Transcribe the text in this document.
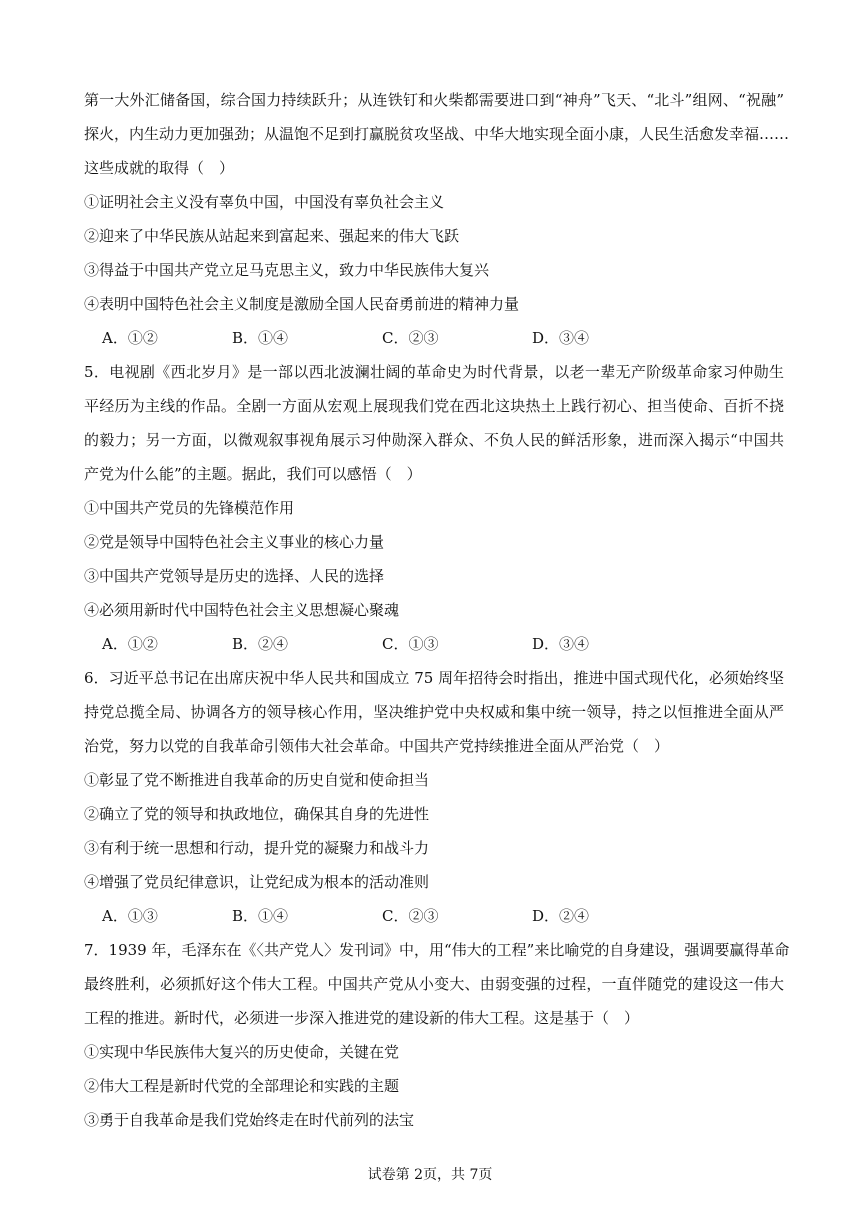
第一大外汇储备国，综合国力持续跃升；从连铁钉和火柴都需要进口到“神舟”飞天、“北斗”组网、“祝融”
探火，内生动力更加强劲；从温饱不足到打赢脱贫攻坚战、中华大地实现全面小康，人民生活愈发幸福……
这些成就的取得（　）
①证明社会主义没有辜负中国，中国没有辜负社会主义
②迎来了中华民族从站起来到富起来、强起来的伟大飞跃
③得益于中国共产党立足马克思主义，致力中华民族伟大复兴
④表明中国特色社会主义制度是激励全国人民奋勇前进的精神力量
A．①②	B．①④	C．②③	D．③④
5．电视剧《西北岁月》是一部以西北波澜壮阔的革命史为时代背景，以老一辈无产阶级革命家习仲勋生
平经历为主线的作品。全剧一方面从宏观上展现我们党在西北这块热土上践行初心、担当使命、百折不挠
的毅力；另一方面，以微观叙事视角展示习仲勋深入群众、不负人民的鲜活形象，进而深入揭示“中国共
产党为什么能”的主题。据此，我们可以感悟（　）
①中国共产党员的先锋模范作用
②党是领导中国特色社会主义事业的核心力量
③中国共产党领导是历史的选择、人民的选择
④必须用新时代中国特色社会主义思想凝心聚魂
A．①②	B．②④	C．①③	D．③④
6．习近平总书记在出席庆祝中华人民共和国成立 75 周年招待会时指出，推进中国式现代化，必须始终坚
持党总揽全局、协调各方的领导核心作用，坚决维护党中央权威和集中统一领导，持之以恒推进全面从严
治党，努力以党的自我革命引领伟大社会革命。中国共产党持续推进全面从严治党（　）
①彰显了党不断推进自我革命的历史自觉和使命担当
②确立了党的领导和执政地位，确保其自身的先进性
③有利于统一思想和行动，提升党的凝聚力和战斗力
④增强了党员纪律意识，让党纪成为根本的活动准则
A．①③	B．①④	C．②③	D．②④
7．1939 年，毛泽东在《〈共产党人〉发刊词》中，用“伟大的工程”来比喻党的自身建设，强调要赢得革命
最终胜利，必须抓好这个伟大工程。中国共产党从小变大、由弱变强的过程，一直伴随党的建设这一伟大
工程的推进。新时代，必须进一步深入推进党的建设新的伟大工程。这是基于（　）
①实现中华民族伟大复兴的历史使命，关键在党
②伟大工程是新时代党的全部理论和实践的主题
③勇于自我革命是我们党始终走在时代前列的法宝
试卷第 2页，共 7页
